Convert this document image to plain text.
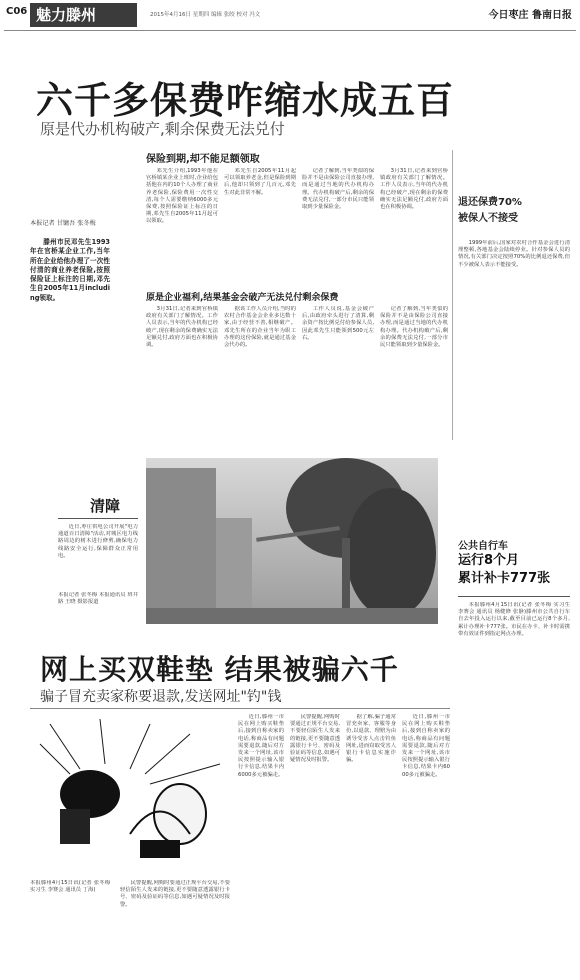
C06 魅力滕州	2015年4月16日 星期四 编辑 张皎 校对 冯文	今日枣庄 鲁南日报
六千多保费咋缩水成五百
原是代办机构破产,剩余保费无法兑付
保险到期,却不能足额领取
本报记者 甘镛吾 张冬梅
滕州市民邓先生1993年在官桥某企业工作,当年所在企业给他办理了一次性付清的商业养老保险,按照保险证上标注的日期,邓先生自2005年11月including领取。

邓先生介绍,1993年他在官桥镇某企业上班时,企业给包括他在内的10个人办理了商业养老保险,保险费用一次性交清,每个人需要缴纳6000多元保费,按照保险证上标注的日期,邓先生自2005年11月起可以领取。

邓先生自2005年11月起可以领取养老金,但是保险到期后,他却只领到了几百元,邓先生对此非常不解。

记者了解到,当年类似的保险并不是由保险公司直接办理,而是通过当地的代办机构办理。代办机构破产后,剩余的保费无法兑付,一部分市民只能领取到少量保险金。

3月31日,记者来到官桥镇政府有关部门了解情况。工作人员表示,当年的代办机构已经破产,现在剩余的保费确实无法足额兑付,政府方面也在积极协调。

原是企业福利,结果基金会破产无法兑付剩余保费

3月31日,记者来到官桥镇政府有关部门了解情况。工作人员表示,当年的代办机构已经破产,现在剩余的保费确实无法足额兑付,政府方面也在积极协调。

据该工作人员介绍,当时的农村合作基金会企业多达数十家,由于经营不善,相继破产。邓先生所在的企业当年为职工办理的这份保险,就是通过基金会代办的。

工作人员说,基金会破产后,由政府牵头进行了清算,剩余资产按比例兑付给参保人员,因此邓先生只能领到500元左右。

记者了解到,当年类似的保险并不是由保险公司直接办理,而是通过当地的代办机构办理。代办机构破产后,剩余的保费无法兑付,一部分市民只能领取到少量保险金。

退还保费70%
被保人不接受

1999年前后,国家对农村合作基金会进行清理整顿,各地基金会陆续停业。针对参保人员的情况,有关部门决定按照70%的比例退还保费,但不少被保人表示不能接受。

清障

近日,枣庄供电公司开展"电力通道百日清障"活动,对城区电力线路周边的树木进行修剪,确保电力线路安全运行,保障群众正常用电。

本报记者 张冬梅 本报通讯员 班井路 王晓 摄影报道
公共自行车
运行8个月
累计补卡777张

本报滕州4月15日讯(记者 张冬梅 实习生 李赛会 通讯员 杨健修 张静)滕州市公共自行车自去年投入运行以来,截至目前已运行8个多月,累计办理补卡777张。市民在办卡、补卡时需携带有效证件到指定网点办理。

网上买双鞋垫 结果被骗六千
骗子冒充卖家称要退款,发送网址"钓"钱

近日,滕州一市民在网上购买鞋垫后,接到自称卖家的电话,称商品有问题需要退款,随后对方发来一个网址,该市民按照提示输入银行卡信息,结果卡内6000多元被骗走。

民警提醒,网购时要通过正规平台交易,不要轻信陌生人发来的链接,更不要随意透露银行卡号、密码及验证码等信息,如遇可疑情况及时报警。

据了解,骗子通常冒充卖家、客服等身份,以退款、理赔为由诱导受害人点击钓鱼网址,进而窃取受害人银行卡信息实施诈骗。

近日,滕州一市民在网上购买鞋垫后,接到自称卖家的电话,称商品有问题需要退款,随后对方发来一个网址,该市民按照提示输入银行卡信息,结果卡内6000多元被骗走。

本报滕州4月15日讯(记者 张冬梅 实习生 李赛会 通讯员 丁海)

民警提醒,网购时要通过正规平台交易,不要轻信陌生人发来的链接,更不要随意透露银行卡号、密码及验证码等信息,如遇可疑情况及时报警。
